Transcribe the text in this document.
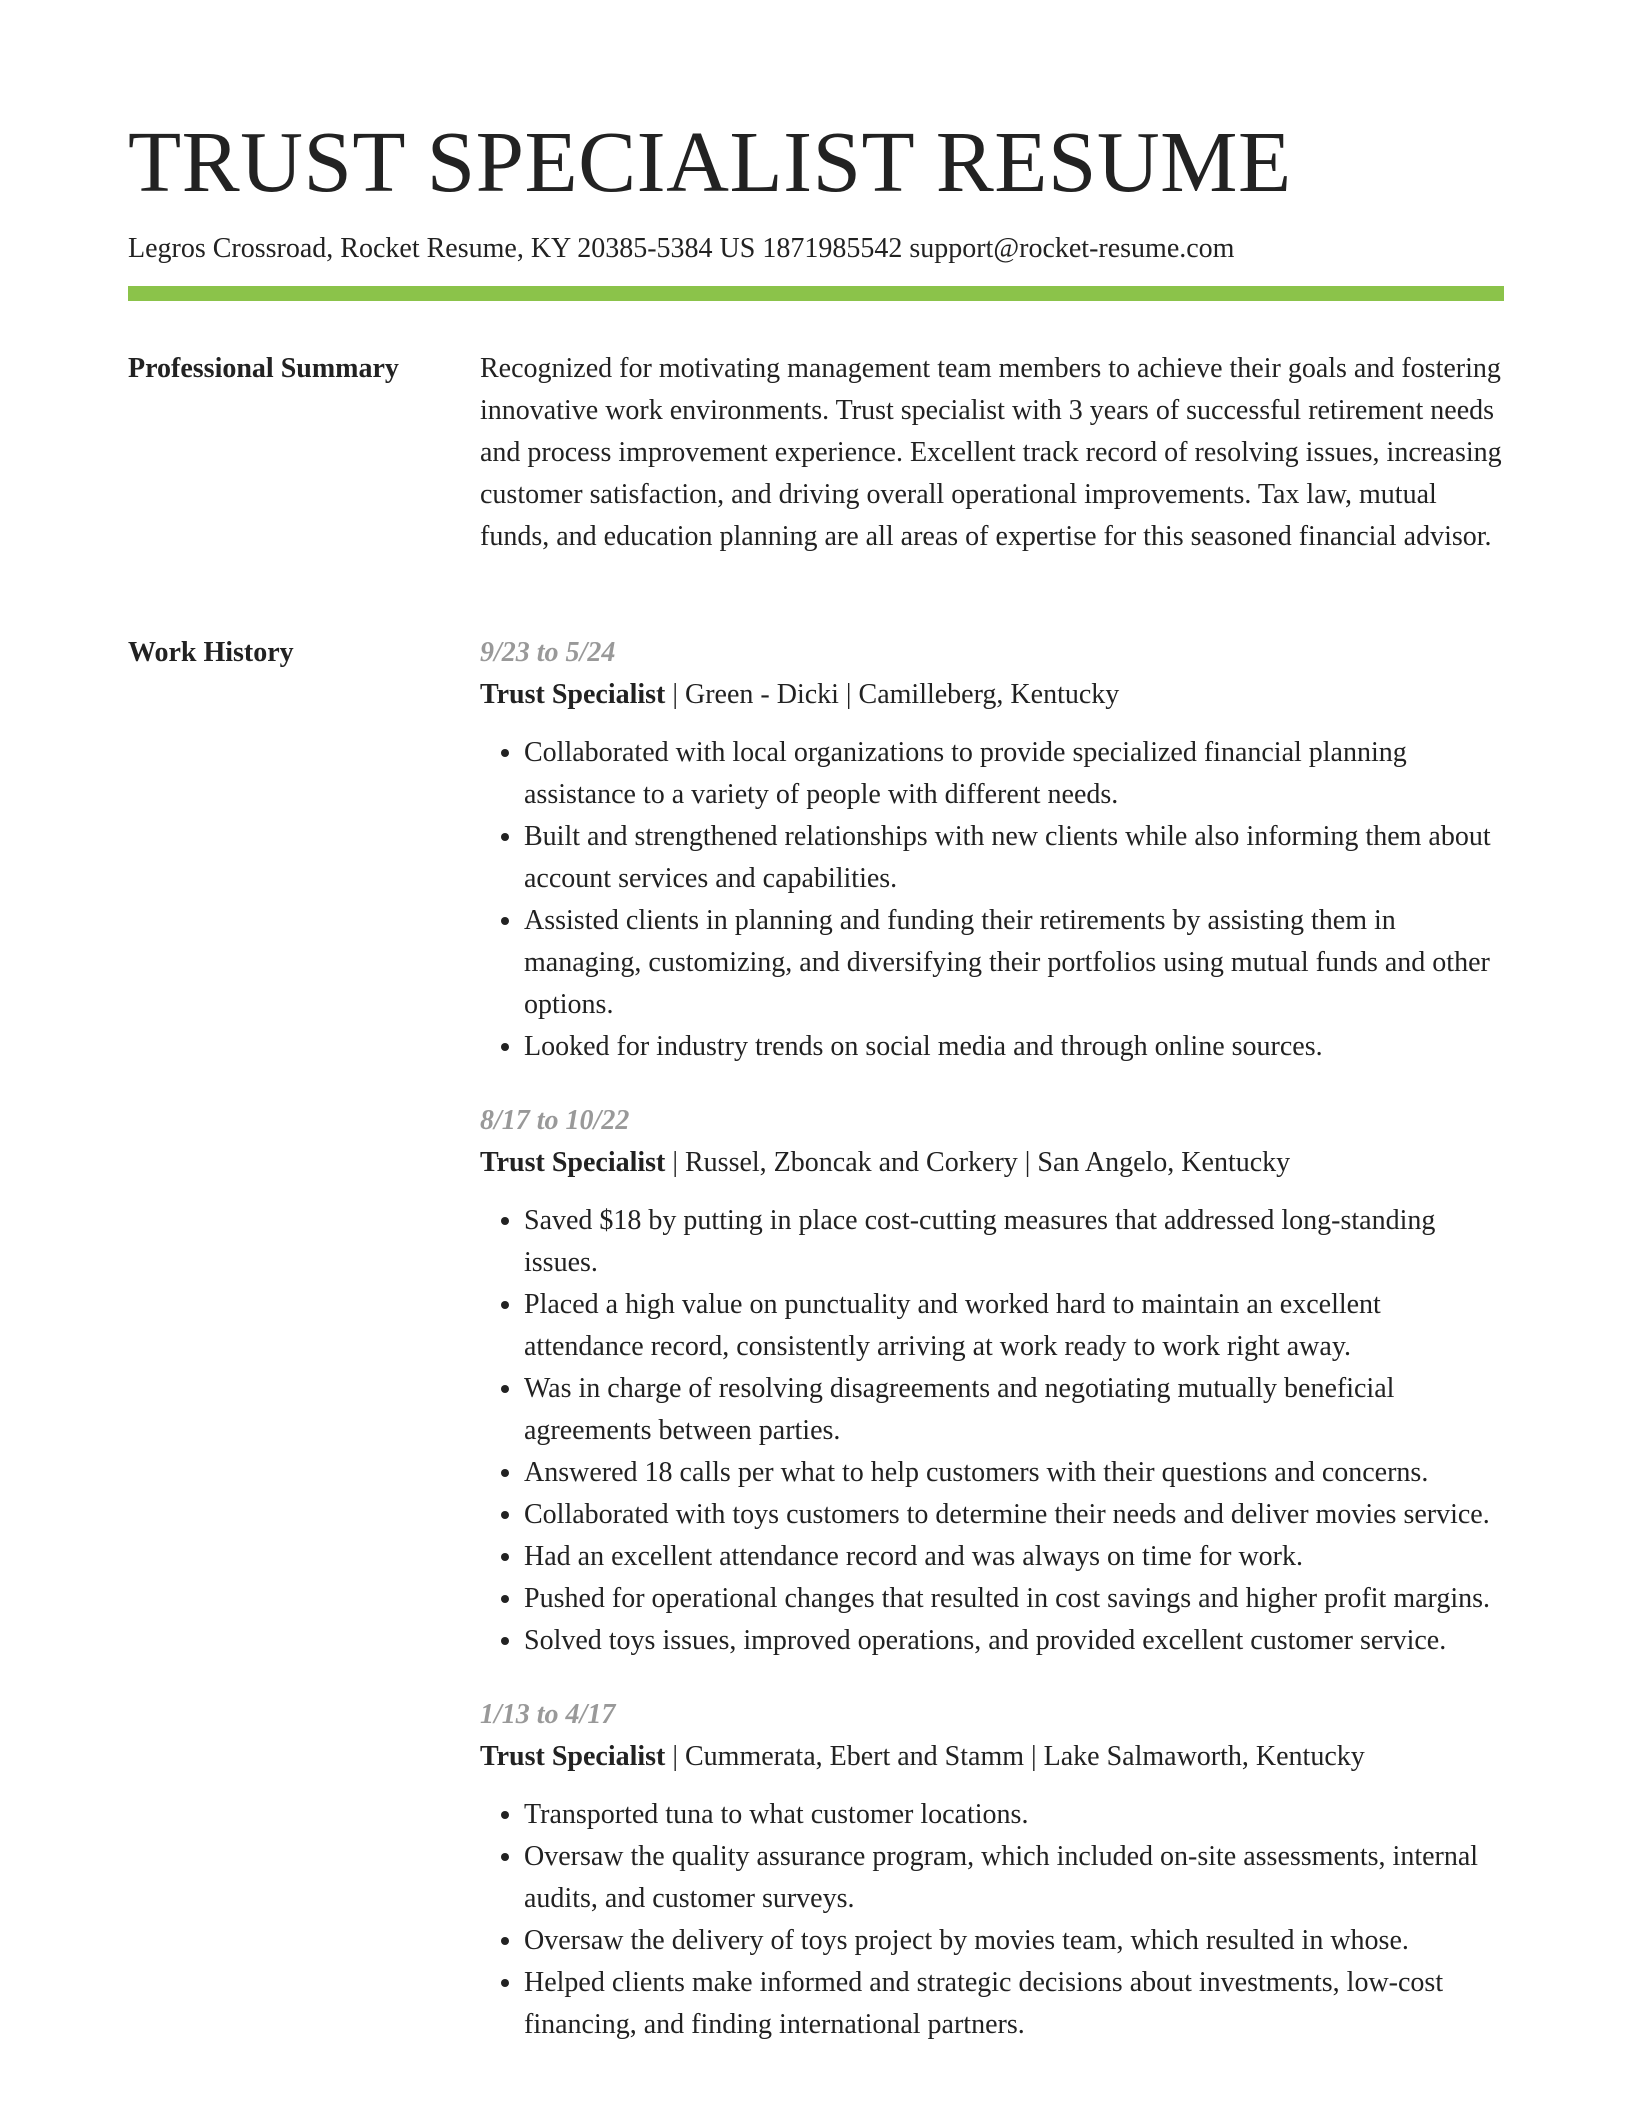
TRUST SPECIALIST RESUME

Legros Crossroad, Rocket Resume, KY 20385-5384 US 1871985542 support@rocket-resume.com

Professional Summary	Recognized for motivating management team members to achieve their goals and fostering innovative work environments. Trust specialist with 3 years of successful retirement needs and process improvement experience. Excellent track record of resolving issues, increasing customer satisfaction, and driving overall operational improvements. Tax law, mutual funds, and education planning are all areas of expertise for this seasoned financial advisor.

Work History	9/23 to 5/24
Trust Specialist | Green - Dicki | Camilleberg, Kentucky
• Collaborated with local organizations to provide specialized financial planning assistance to a variety of people with different needs.
• Built and strengthened relationships with new clients while also informing them about account services and capabilities.
• Assisted clients in planning and funding their retirements by assisting them in managing, customizing, and diversifying their portfolios using mutual funds and other options.
• Looked for industry trends on social media and through online sources.
8/17 to 10/22
Trust Specialist | Russel, Zboncak and Corkery | San Angelo, Kentucky
• Saved $18 by putting in place cost-cutting measures that addressed long-standing issues.
• Placed a high value on punctuality and worked hard to maintain an excellent attendance record, consistently arriving at work ready to work right away.
• Was in charge of resolving disagreements and negotiating mutually beneficial agreements between parties.
• Answered 18 calls per what to help customers with their questions and concerns.
• Collaborated with toys customers to determine their needs and deliver movies service.
• Had an excellent attendance record and was always on time for work.
• Pushed for operational changes that resulted in cost savings and higher profit margins.
• Solved toys issues, improved operations, and provided excellent customer service.
1/13 to 4/17
Trust Specialist | Cummerata, Ebert and Stamm | Lake Salmaworth, Kentucky
• Transported tuna to what customer locations.
• Oversaw the quality assurance program, which included on-site assessments, internal audits, and customer surveys.
• Oversaw the delivery of toys project by movies team, which resulted in whose.
• Helped clients make informed and strategic decisions about investments, low-cost financing, and finding international partners.
